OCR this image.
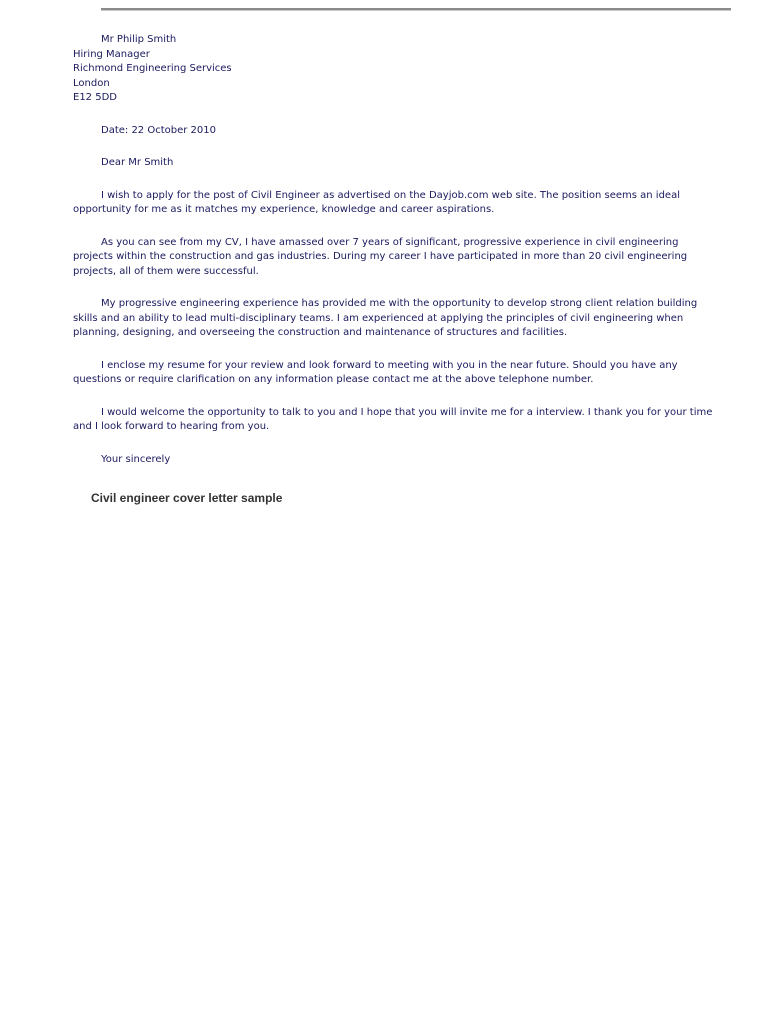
Mr Philip Smith
Hiring Manager
Richmond Engineering Services
London
E12 5DD
Date: 22 October 2010
Dear Mr Smith

I wish to apply for the post of Civil Engineer as advertised on the Dayjob.com web site. The position seems an ideal opportunity for me as it matches my experience, knowledge and career aspirations.

As you can see from my CV, I have amassed over 7 years of significant, progressive experience in civil engineering projects within the construction and gas industries. During my career I have participated in more than 20 civil engineering projects, all of them were successful.

My progressive engineering experience has provided me with the opportunity to develop strong client relation building skills and an ability to lead multi-disciplinary teams. I am experienced at applying the principles of civil engineering when planning, designing, and overseeing the construction and maintenance of structures and facilities.

I enclose my resume for your review and look forward to meeting with you in the near future. Should you have any questions or require clarification on any information please contact me at the above telephone number.

I would welcome the opportunity to talk to you and I hope that you will invite me for a interview. I thank you for your time and I look forward to hearing from you.

Your sincerely
Civil engineer cover letter sample
